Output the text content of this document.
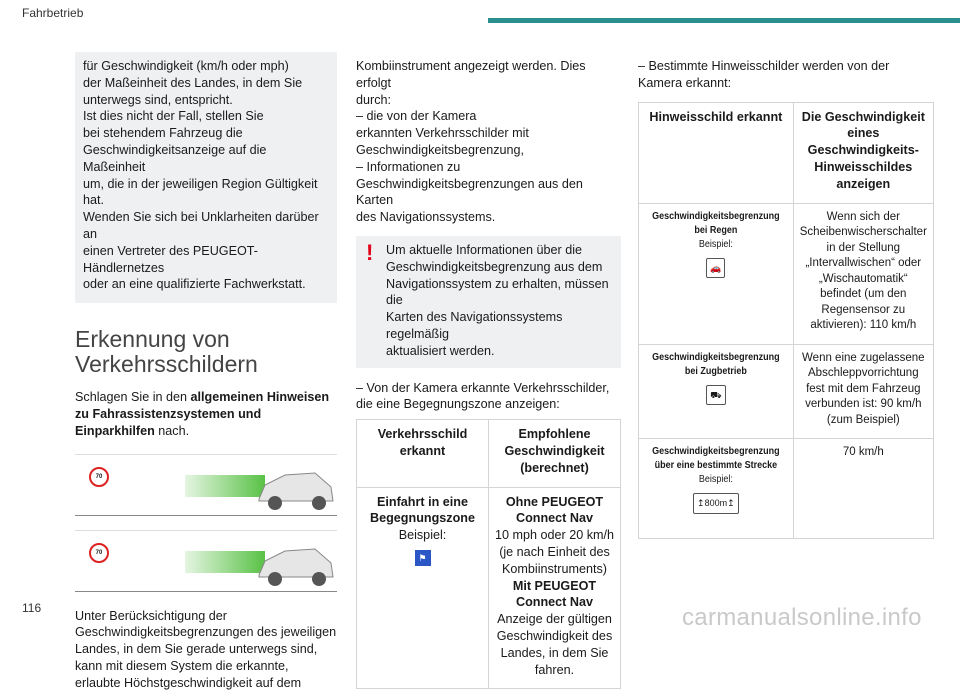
Fahrbetrieb

für Geschwindigkeit (km/h oder mph)

der Maßeinheit des Landes, in dem Sie

unterwegs sind, entspricht.

Ist dies nicht der Fall, stellen Sie

bei stehendem Fahrzeug die

Geschwindigkeitsanzeige auf die Maßeinheit

um, die in der jeweiligen Region Gültigkeit

hat.

Wenden Sie sich bei Unklarheiten darüber an

einen Vertreter des PEUGEOT-Händlernetzes

oder an eine qualifizierte Fachwerkstatt.

Erkennung von
Verkehrsschildern

Schlagen Sie in den allgemeinen Hinweisen zu Fahrassistenzsystemen und Einparkhilfen nach.

70
70

Unter Berücksichtigung der

Geschwindigkeitsbegrenzungen des jeweiligen

Landes, in dem Sie gerade unterwegs sind,

kann mit diesem System die erkannte,

erlaubte Höchstgeschwindigkeit auf dem

Kombiinstrument angezeigt werden. Dies erfolgt

durch:

– die von der Kamera

erkannten Verkehrsschilder mit

Geschwindigkeitsbegrenzung,

– Informationen zu

Geschwindigkeitsbegrenzungen aus den Karten

des Navigationssystems.

! Um aktuelle Informationen über die

Geschwindigkeitsbegrenzung aus dem

Navigationssystem zu erhalten, müssen die

Karten des Navigationssystems regelmäßig

aktualisiert werden.

– Von der Kamera erkannte Verkehrsschilder,

die eine Begegnungszone anzeigen:

Verkehrsschild erkannt	Empfohlene Geschwindigkeit (berechnet)
Einfahrt in eine Begegnungszone
Beispiel:
⚑	Ohne PEUGEOT Connect Nav
10 mph oder 20 km/h (je nach Einheit des Kombiinstruments)
Mit PEUGEOT Connect Nav
Anzeige der gültigen Geschwindigkeit des Landes, in dem Sie fahren.

– Bestimmte Hinweisschilder werden von der

Kamera erkannt:

Hinweisschild erkannt	Die Geschwindigkeit eines Geschwindigkeits-Hinweisschildes anzeigen

Geschwindigkeitsbegrenzung bei Regen
Beispiel:
🚗	Wenn sich der Scheibenwischerschalter in der Stellung „Intervallwischen“ oder „Wischautomatik“ befindet (um den Regensensor zu aktivieren): 110 km/h

Geschwindigkeitsbegrenzung bei Zugbetrieb
⛟	Wenn eine zugelassene Abschleppvorrichtung fest mit dem Fahrzeug verbunden ist: 90 km/h (zum Beispiel)

Geschwindigkeitsbegrenzung über eine bestimmte Strecke
Beispiel:
↥800m↥	70 km/h
116	carmanualsonline.info
